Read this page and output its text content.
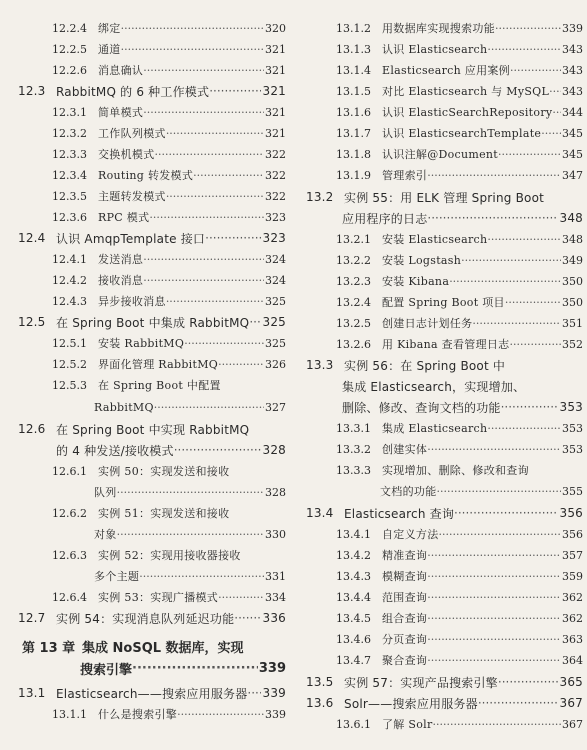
12.2.4	绑定 ·····	320
12.2.5	通道 ·····	321
12.2.6	消息确认 ·····	321
12.3 RabbitMQ 的 6 种工作模式 ·····	321
12.3.1	简单模式 ·····	321
12.3.2	工作队列模式 ·····	321
12.3.3	交换机模式 ·····	322
12.3.4	Routing 转发模式 ·····	322
12.3.5	主题转发模式 ·····	322
12.3.6	RPC 模式 ·····	323
12.4 认识 AmqpTemplate 接口 ·····	323
12.4.1	发送消息 ·····	324
12.4.2	接收消息 ·····	324
12.4.3	异步接收消息 ·····	325
12.5 在 Spring Boot 中集成 RabbitMQ ····· 325
12.5.1	安装 RabbitMQ ·····	325
12.5.2	界面化管理 RabbitMQ ·····	326
12.5.3	在 Spring Boot 中配置
RabbitMQ ·····	327
12.6 在 Spring Boot 中实现 RabbitMQ
的 4 种发送/接收模式 ·····	328
12.6.1	实例 50：实现发送和接收
队列 ·····	328
12.6.2	实例 51：实现发送和接收
对象 ·····	330
12.6.3	实例 52：实现用接收器接收
多个主题 ·····	331
12.6.4	实例 53：实现广播模式 ·····	334
12.7 实例 54：实现消息队列延迟功能 ····· 336
第 13 章 集成 NoSQL 数据库，实现
搜索引擎 ·····	339
13.1 Elasticsearch——搜索应用服务器 ····· 339
13.1.1	什么是搜索引擎 ·····	339
13.1.2	用数据库实现搜索功能 ·····	339
13.1.3	认识 Elasticsearch ·····	343
13.1.4	Elasticsearch 应用案例 ·····	343
13.1.5	对比 Elasticsearch 与 MySQL ····· 343
13.1.6	认识 ElasticSearchRepository ····· 344
13.1.7	认识 ElasticsearchTemplate ····· 345
13.1.8	认识注解@Document ·····	345
13.1.9	管理索引 ·····	347
13.2 实例 55：用 ELK 管理 Spring Boot
应用程序的日志 ·····	348
13.2.1	安装 Elasticsearch ·····	348
13.2.2	安装 Logstash ·····	349
13.2.3	安装 Kibana ·····	350
13.2.4	配置 Spring Boot 项目 ·····	350
13.2.5	创建日志计划任务 ·····	351
13.2.6	用 Kibana 查看管理日志 ·····	352
13.3 实例 56：在 Spring Boot 中
集成 Elasticsearch，实现增加、
删除、修改、查询文档的功能 ·····	353
13.3.1	集成 Elasticsearch ·····	353
13.3.2	创建实体 ·····	353
13.3.3	实现增加、删除、修改和查询
文档的功能 ·····	355
13.4 Elasticsearch 查询 ·····	356
13.4.1	自定义方法 ·····	356
13.4.2	精准查询 ·····	357
13.4.3	模糊查询 ·····	359
13.4.4	范围查询 ·····	362
13.4.5	组合查询 ·····	362
13.4.6	分页查询 ·····	363
13.4.7	聚合查询 ·····	364
13.5 实例 57：实现产品搜索引擎 ·····	365
13.6 Solr——搜索应用服务器 ·····	367
13.6.1	了解 Solr ·····	367
